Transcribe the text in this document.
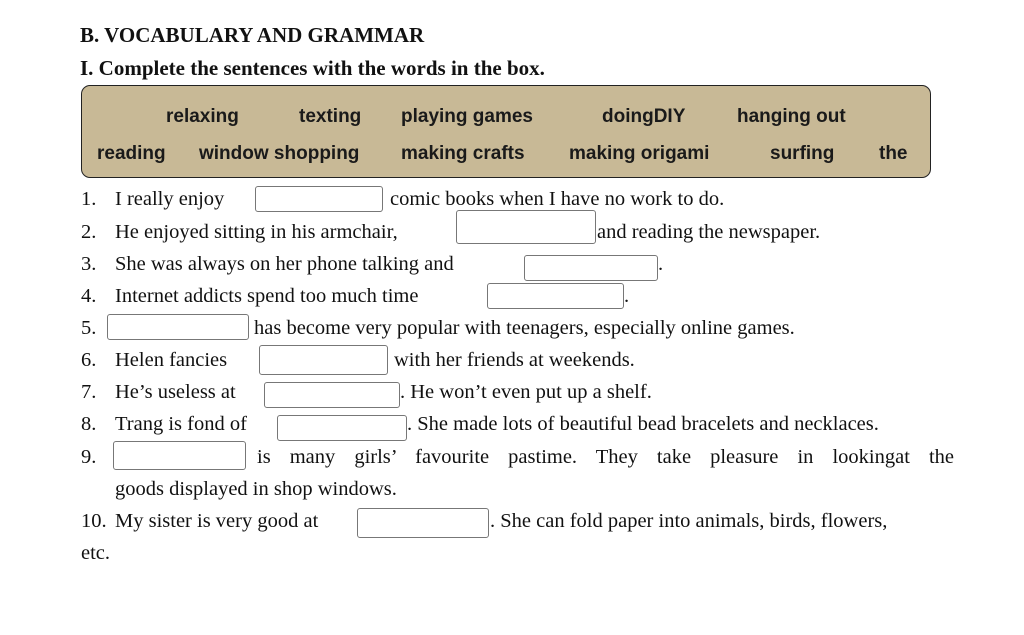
B. VOCABULARY AND GRAMMAR
I. Complete the sentences with the words in the box.
relaxing	texting playing games	doingDIY	hanging out
reading window shopping making crafts making origami	surfing the
1. I really enjoy	comic books when I have no work to do.
2. He enjoyed sitting in his armchair,	and reading the newspaper.
3. She was always on her phone talking and	.
4. Internet addicts spend too much time	.
5.	has become very popular with teenagers, especially online games.
6. Helen fancies	with her friends at weekends.
7. He’s useless at	. He won’t even put up a shelf.
8. Trang is fond of	. She made lots of beautiful bead bracelets and necklaces.
9.	is many girls’ favourite pastime. They take pleasure in lookingat the
goods displayed in shop windows.
10. My sister is very good at	. She can fold paper into animals, birds, flowers,
etc.
